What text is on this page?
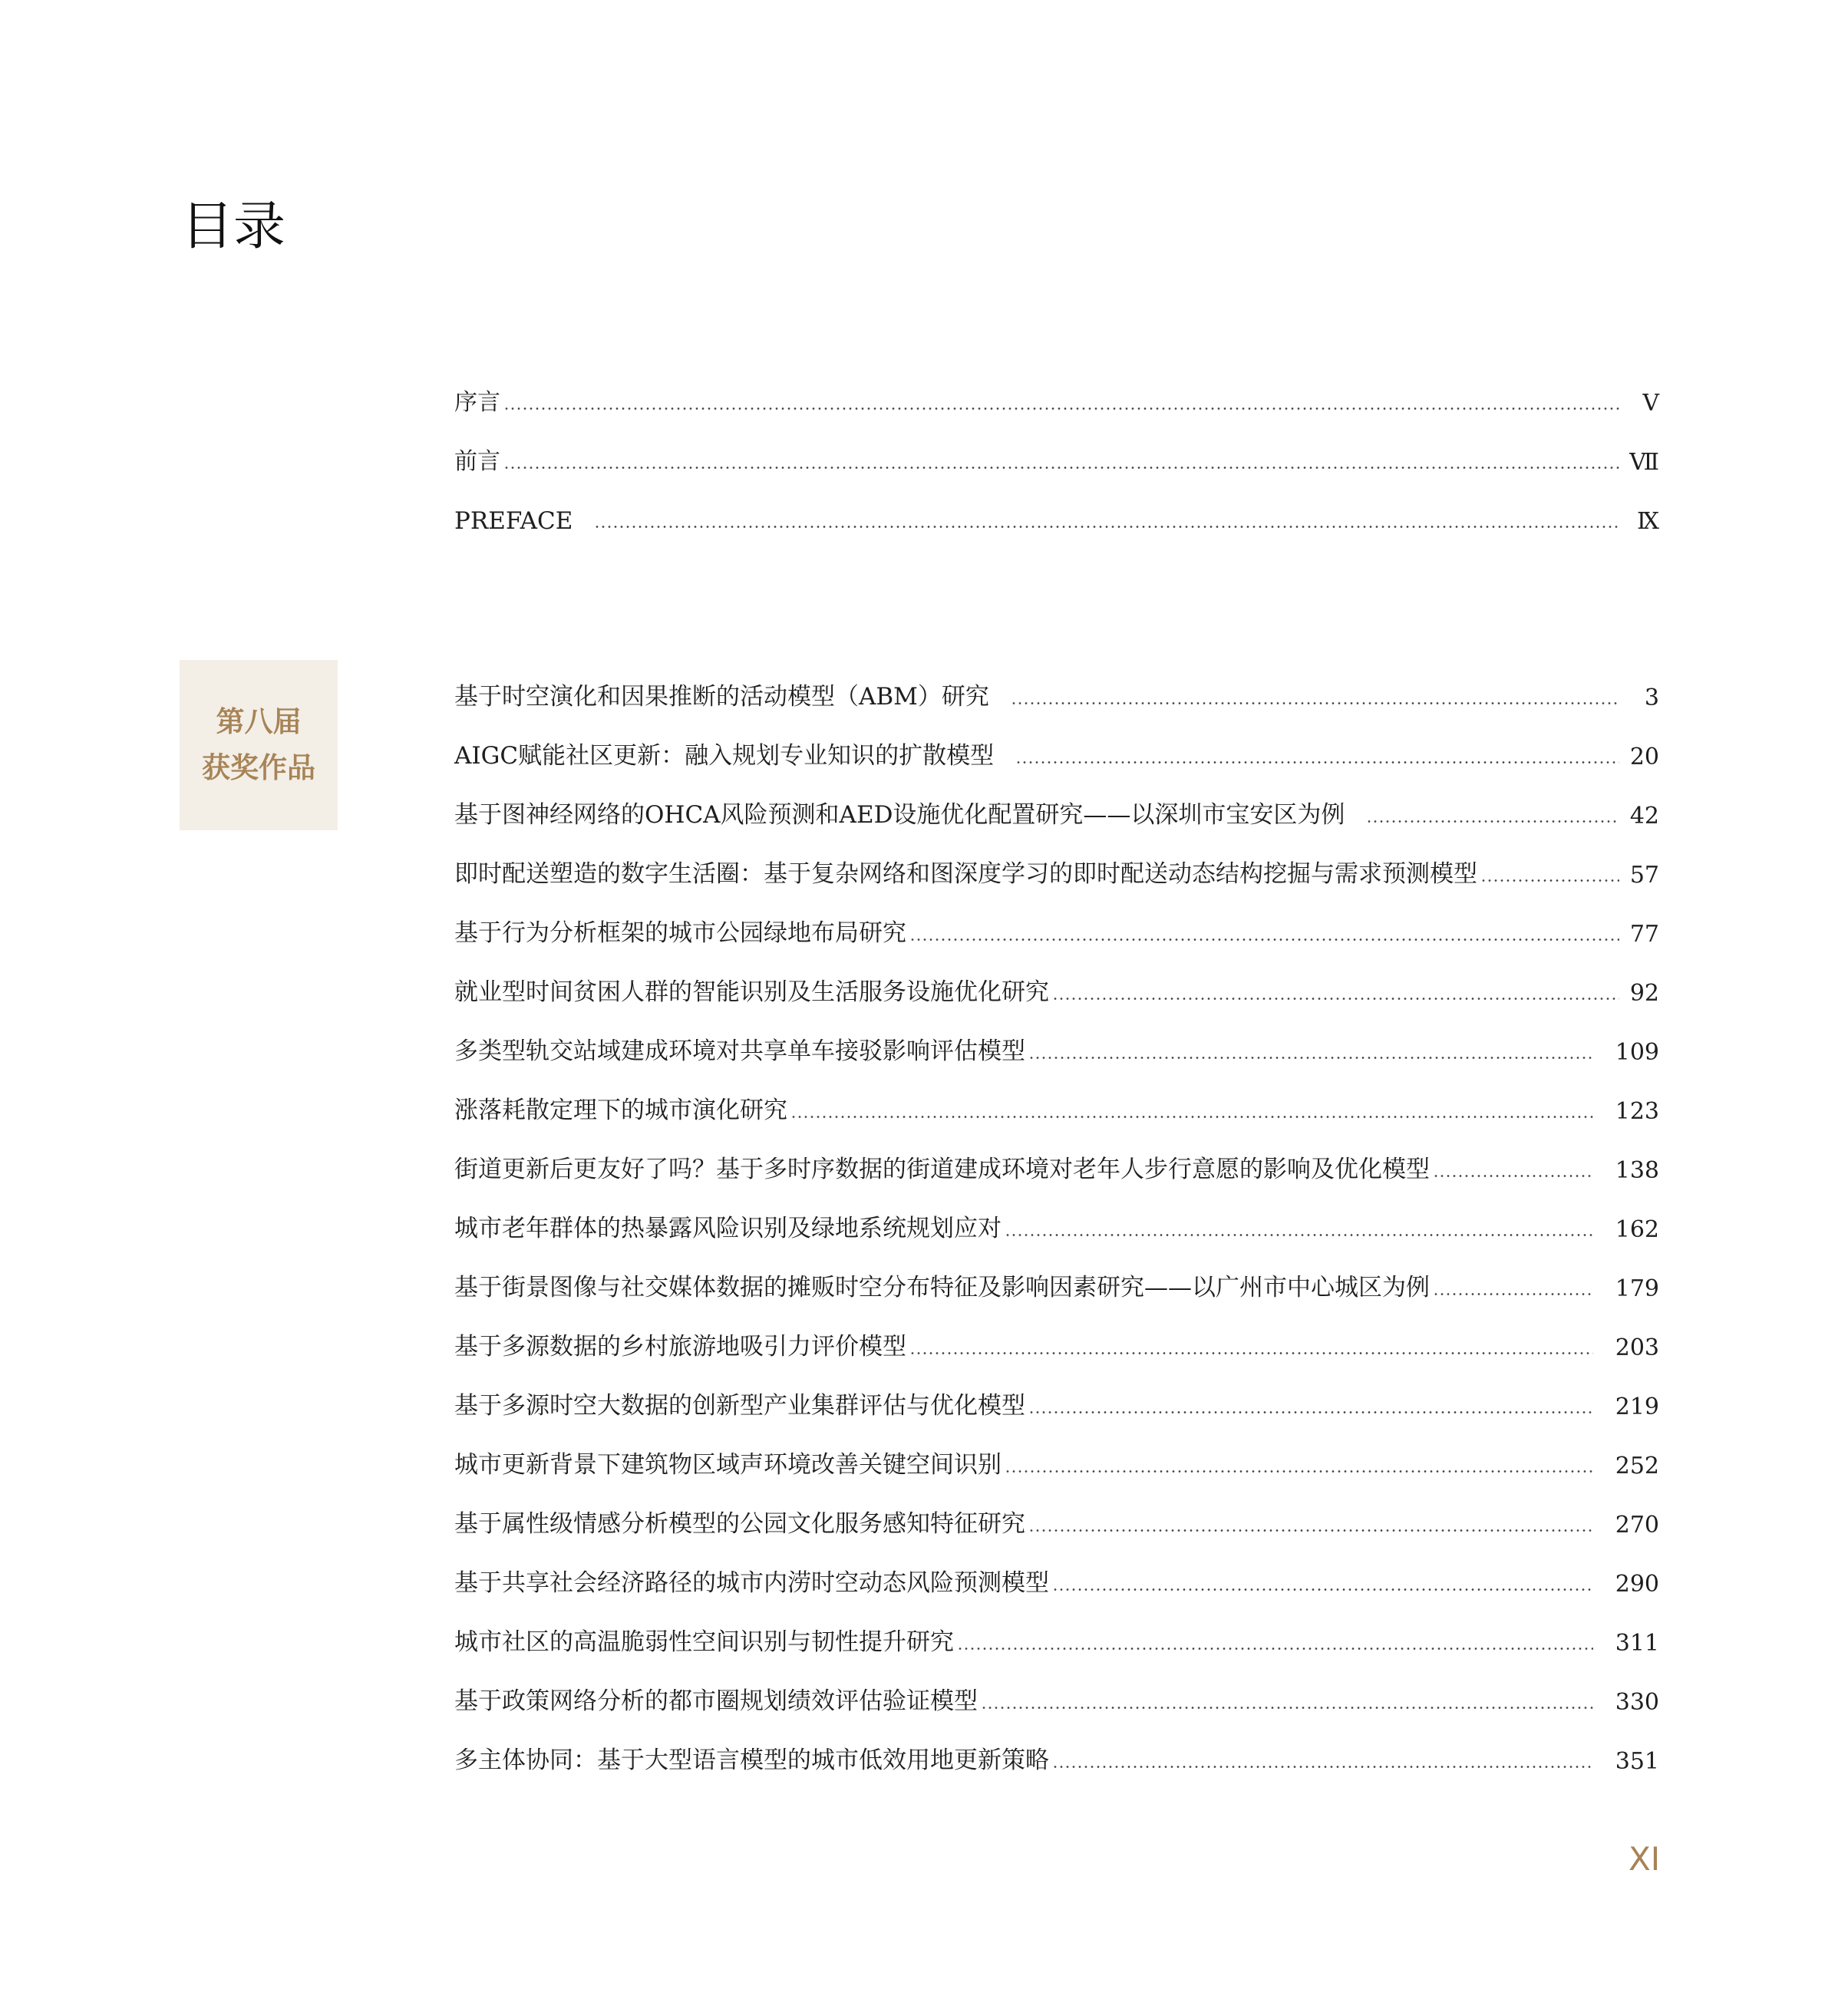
目录
序言	Ⅴ
前言	Ⅶ
PREFACE	Ⅸ
第八届
获奖作品
基于时空演化和因果推断的活动模型（ABM）研究	3
AIGC赋能社区更新：融入规划专业知识的扩散模型	20
基于图神经网络的OHCA风险预测和AED设施优化配置研究——以深圳市宝安区为例	42
即时配送塑造的数字生活圈：基于复杂网络和图深度学习的即时配送动态结构挖掘与需求预测模型	57
基于行为分析框架的城市公园绿地布局研究	77
就业型时间贫困人群的智能识别及生活服务设施优化研究	92
多类型轨交站域建成环境对共享单车接驳影响评估模型	109
涨落耗散定理下的城市演化研究	123
街道更新后更友好了吗？基于多时序数据的街道建成环境对老年人步行意愿的影响及优化模型	138
城市老年群体的热暴露风险识别及绿地系统规划应对	162
基于街景图像与社交媒体数据的摊贩时空分布特征及影响因素研究——以广州市中心城区为例	179
基于多源数据的乡村旅游地吸引力评价模型	203
基于多源时空大数据的创新型产业集群评估与优化模型	219
城市更新背景下建筑物区域声环境改善关键空间识别	252
基于属性级情感分析模型的公园文化服务感知特征研究	270
基于共享社会经济路径的城市内涝时空动态风险预测模型	290
城市社区的高温脆弱性空间识别与韧性提升研究	311
基于政策网络分析的都市圈规划绩效评估验证模型	330
多主体协同：基于大型语言模型的城市低效用地更新策略	351
XI
